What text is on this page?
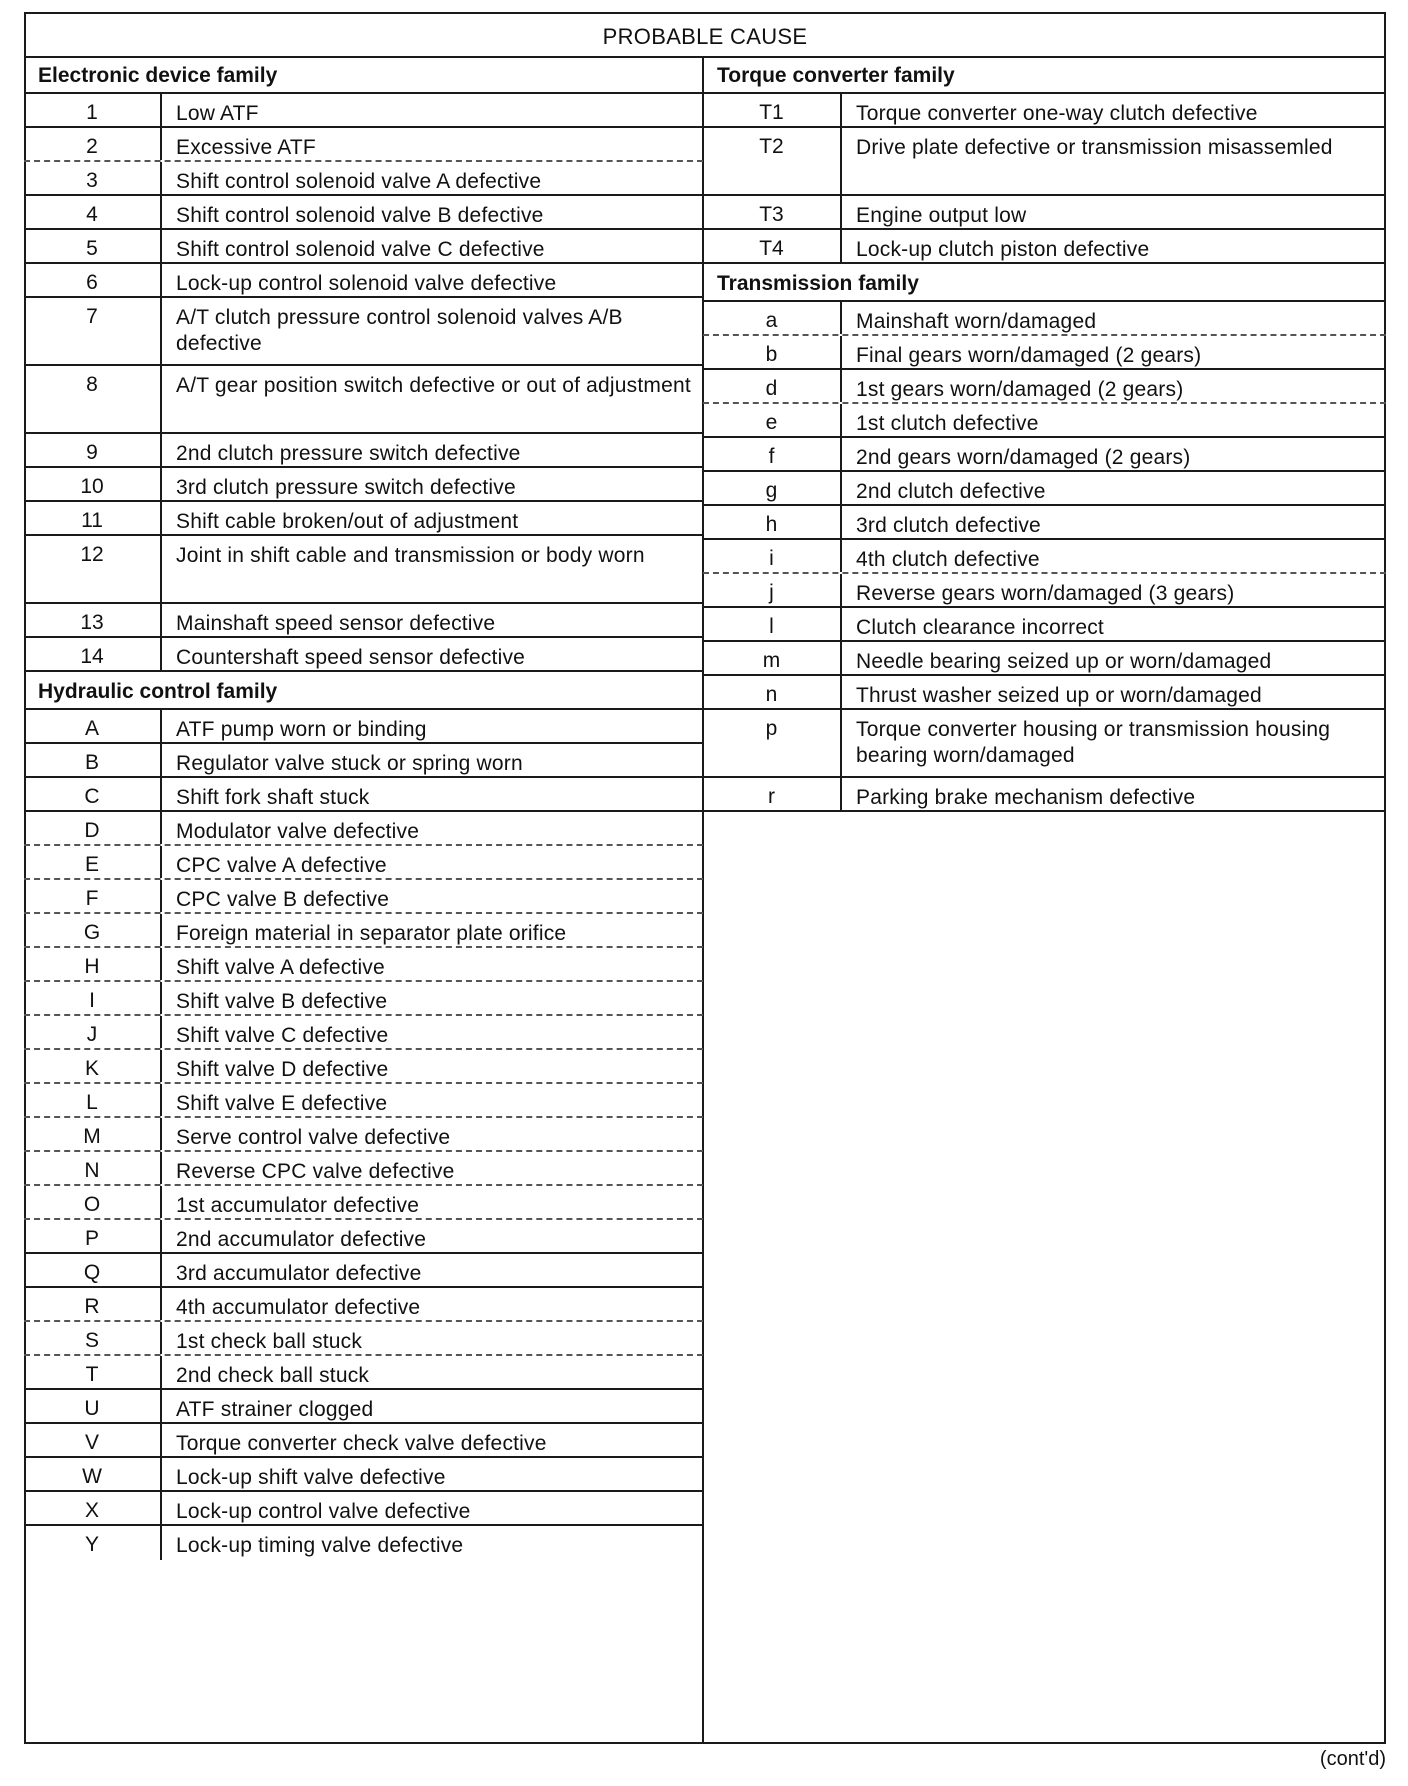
PROBABLE CAUSE
Electronic device family
1	Low ATF
2	Excessive ATF
3	Shift control solenoid valve A defective
4	Shift control solenoid valve B defective
5	Shift control solenoid valve C defective
6	Lock-up control solenoid valve defective
7	A/T clutch pressure control solenoid valves A/B defective
8	A/T gear position switch defective or out of adjustment
9	2nd clutch pressure switch defective
10	3rd clutch pressure switch defective
11	Shift cable broken/out of adjustment
12	Joint in shift cable and transmission or body worn
13	Mainshaft speed sensor defective
14	Countershaft speed sensor defective
Hydraulic control family
A	ATF pump worn or binding
B	Regulator valve stuck or spring worn
C	Shift fork shaft stuck
D	Modulator valve defective
E	CPC valve A defective
F	CPC valve B defective
G	Foreign material in separator plate orifice
H	Shift valve A defective
I	Shift valve B defective
J	Shift valve C defective
K	Shift valve D defective
L	Shift valve E defective
M	Serve control valve defective
N	Reverse CPC valve defective
O	1st accumulator defective
P	2nd accumulator defective
Q	3rd accumulator defective
R	4th accumulator defective
S	1st check ball stuck
T	2nd check ball stuck
U	ATF strainer clogged
V	Torque converter check valve defective
W	Lock-up shift valve defective
X	Lock-up control valve defective
Y	Lock-up timing valve defective
Torque converter family
T1	Torque converter one-way clutch defective
T2	Drive plate defective or transmission misassemled
T3	Engine output low
T4	Lock-up clutch piston defective
Transmission family
a	Mainshaft worn/damaged
b	Final gears worn/damaged (2 gears)
d	1st gears worn/damaged (2 gears)
e	1st clutch defective
f	2nd gears worn/damaged (2 gears)
g	2nd clutch defective
h	3rd clutch defective
i	4th clutch defective
j	Reverse gears worn/damaged (3 gears)
l	Clutch clearance incorrect
m	Needle bearing seized up or worn/damaged
n	Thrust washer seized up or worn/damaged
p	Torque converter housing or transmission housing bearing worn/damaged
r	Parking brake mechanism defective
(cont'd)
